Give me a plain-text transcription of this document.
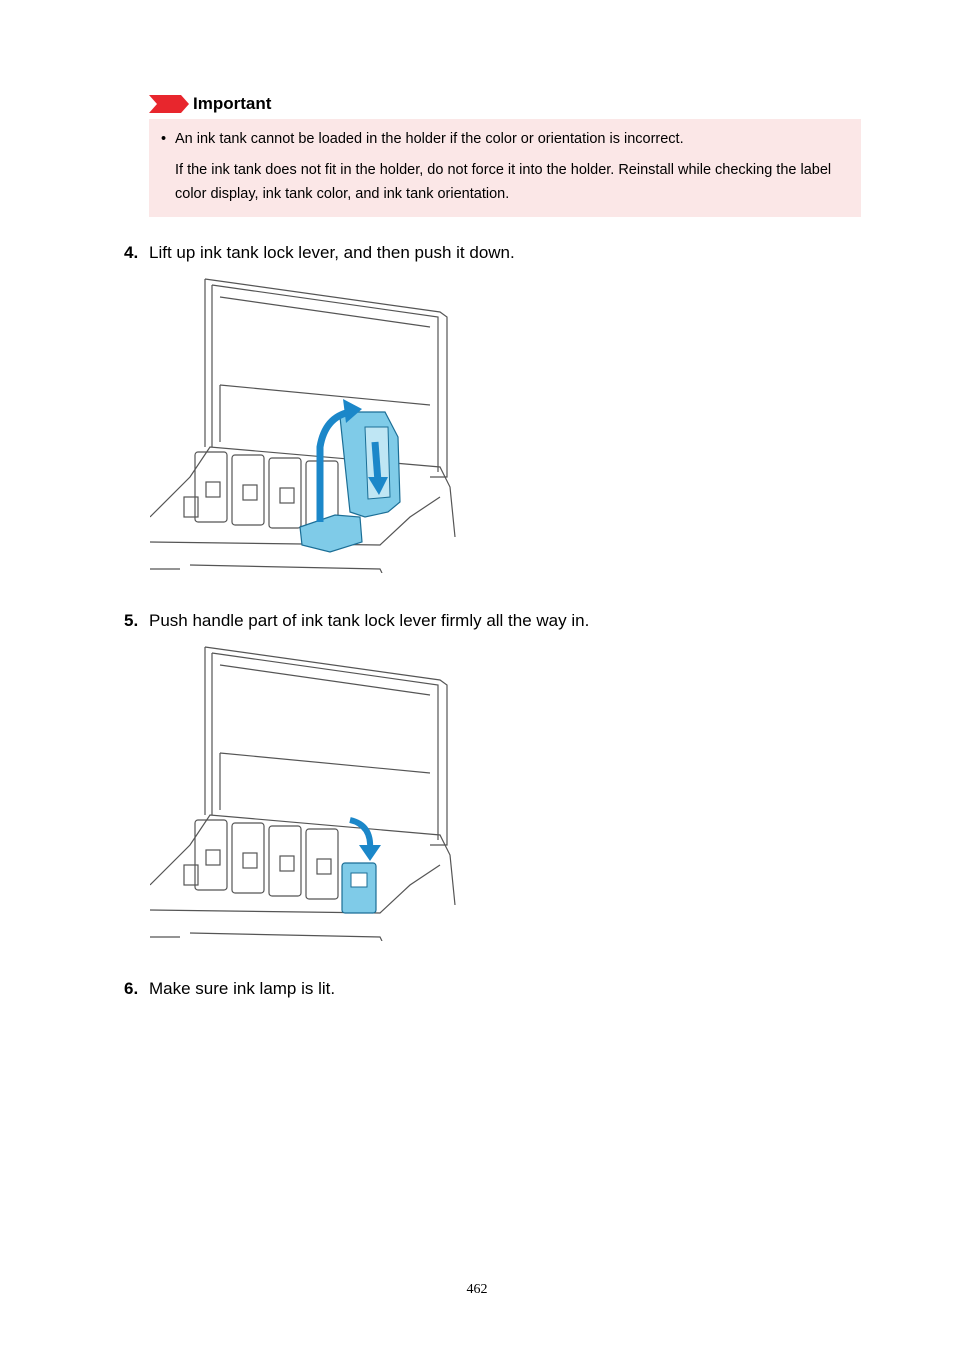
Important
• An ink tank cannot be loaded in the holder if the color or orientation is incorrect.
If the ink tank does not fit in the holder, do not force it into the holder. Reinstall while checking the label color display, ink tank color, and ink tank orientation.
4. Lift up ink tank lock lever, and then push it down.
5. Push handle part of ink tank lock lever firmly all the way in.
6. Make sure ink lamp is lit.
462
